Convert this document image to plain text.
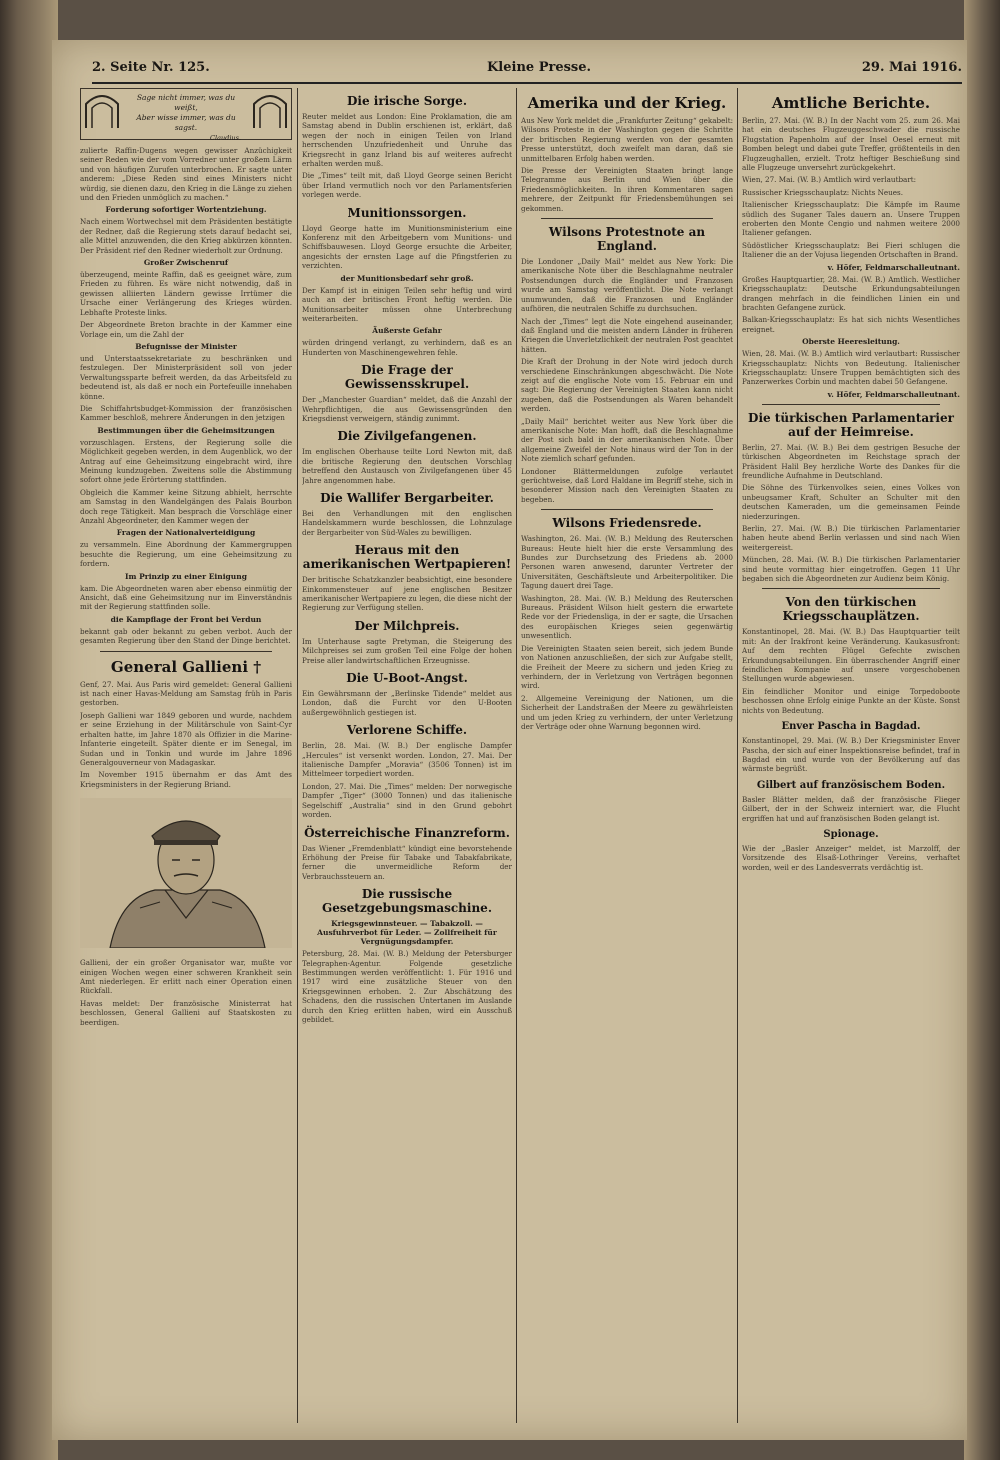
2. Seite Nr. 125.	Kleine Presse.	29. Mai 1916.

Sage nicht immer, was du weißt,

Aber wisse immer, was du sagst.

Claudius.

zulierte Raffin-Dugens wegen gewisser Anzüchigkeit seiner Reden wie der vom Vorredner unter großem Lärm und von häufigen Zurufen unterbrochen. Er sagte unter anderem: „Diese Reden sind eines Ministers nicht würdig, sie dienen dazu, den Krieg in die Länge zu ziehen und den Frieden unmöglich zu machen.“

Forderung sofortiger Wortentziehung.

Nach einem Wortwechsel mit dem Präsidenten bestätigte der Redner, daß die Regierung stets darauf bedacht sei, alle Mittel anzuwenden, die den Krieg abkürzen könnten. Der Präsident rief den Redner wiederholt zur Ordnung.

Großer Zwischenruf

überzeugend, meinte Raffin, daß es geeignet wäre, zum Frieden zu führen. Es wäre nicht notwendig, daß in gewissen alliierten Ländern gewisse Irrtümer die Ursache einer Verlängerung des Krieges würden. Lebhafte Proteste links.

Der Abgeordnete Breton brachte in der Kammer eine Vorlage ein, um die Zahl der

Befugnisse der Minister

und Unterstaatssekretariate zu beschränken und festzulegen. Der Ministerpräsident soll von jeder Verwaltungssparte befreit werden, da das Arbeitsfeld zu bedeutend ist, als daß er noch ein Portefeuille innehaben könne.

Die Schiffahrtsbudget-Kommission der französischen Kammer beschloß, mehrere Änderungen in den jetzigen

Bestimmungen über die Geheimsitzungen

vorzuschlagen. Erstens, der Regierung solle die Möglichkeit gegeben werden, in dem Augenblick, wo der Antrag auf eine Geheimsitzung eingebracht wird, ihre Meinung kundzugeben. Zweitens solle die Abstimmung sofort ohne jede Erörterung stattfinden.

Obgleich die Kammer keine Sitzung abhielt, herrschte am Samstag in den Wandelgängen des Palais Bourbon doch rege Tätigkeit. Man besprach die Vorschläge einer Anzahl Abgeordneter, den Kammer wegen der

Fragen der Nationalverteidigung

zu versammeln. Eine Abordnung der Kammergruppen besuchte die Regierung, um eine Geheimsitzung zu fordern.

Im Prinzip zu einer Einigung

kam. Die Abgeordneten waren aber ebenso einmütig der Ansicht, daß eine Geheimsitzung nur im Einverständnis mit der Regierung stattfinden solle.

die Kampflage der Front bei Verdun

bekannt gab oder bekannt zu geben verbot. Auch der gesamten Regierung über den Stand der Dinge berichtet.

General Gallieni †

Genf, 27. Mai. Aus Paris wird gemeldet: General Gallieni ist nach einer Havas-Meldung am Samstag früh in Paris gestorben.

Joseph Gallieni war 1849 geboren und wurde, nachdem er seine Erziehung in der Militärschule von Saint-Cyr erhalten hatte, im Jahre 1870 als Offizier in die Marine-Infanterie eingeteilt. Später diente er im Senegal, im Sudan und in Tonkin und wurde im Jahre 1896 Generalgouverneur von Madagaskar.

Im November 1915 übernahm er das Amt des Kriegsministers in der Regierung Briand.

Gallieni, der ein großer Organisator war, mußte vor einigen Wochen wegen einer schweren Krankheit sein Amt niederlegen. Er erlitt nach einer Operation einen Rückfall.

Havas meldet: Der französische Ministerrat hat beschlossen, General Gallieni auf Staatskosten zu beerdigen.

Die irische Sorge.

Reuter meldet aus London: Eine Proklamation, die am Samstag abend in Dublin erschienen ist, erklärt, daß wegen der noch in einigen Teilen von Irland herrschenden Unzufriedenheit und Unruhe das Kriegsrecht in ganz Irland bis auf weiteres aufrecht erhalten werden muß.

Die „Times“ teilt mit, daß Lloyd George seinen Bericht über Irland vermutlich noch vor den Parlamentsferien vorlegen werde.

Munitionssorgen.

Lloyd George hatte im Munitionsministerium eine Konferenz mit den Arbeitgebern vom Munitions- und Schiffsbauwesen. Lloyd George ersuchte die Arbeiter, angesichts der ernsten Lage auf die Pfingstferien zu verzichten.

der Munitionsbedarf sehr groß.

Der Kampf ist in einigen Teilen sehr heftig und wird auch an der britischen Front heftig werden. Die Munitionsarbeiter müssen ohne Unterbrechung weiterarbeiten.

Äußerste Gefahr

würden dringend verlangt, zu verhindern, daß es an Hunderten von Maschinengewehren fehle.

Die Frage der Gewissensskrupel.

Der „Manchester Guardian“ meldet, daß die Anzahl der Wehrpflichtigen, die aus Gewissensgründen den Kriegsdienst verweigern, ständig zunimmt.

Die Zivilgefangenen.

Im englischen Oberhause teilte Lord Newton mit, daß die britische Regierung den deutschen Vorschlag betreffend den Austausch von Zivilgefangenen über 45 Jahre angenommen habe.

Die Wallifer Bergarbeiter.

Bei den Verhandlungen mit den englischen Handelskammern wurde beschlossen, die Lohnzulage der Bergarbeiter von Süd-Wales zu bewilligen.

Heraus mit den amerikanischen Wertpapieren!

Der britische Schatzkanzler beabsichtigt, eine besondere Einkommensteuer auf jene englischen Besitzer amerikanischer Wertpapiere zu legen, die diese nicht der Regierung zur Verfügung stellen.

Der Milchpreis.

Im Unterhause sagte Pretyman, die Steigerung des Milchpreises sei zum großen Teil eine Folge der hohen Preise aller landwirtschaftlichen Erzeugnisse.

Die U-Boot-Angst.

Ein Gewährsmann der „Berlinske Tidende“ meldet aus London, daß die Furcht vor den U-Booten außergewöhnlich gestiegen ist.

Verlorene Schiffe.

Berlin, 28. Mai. (W. B.) Der englische Dampfer „Hercules“ ist versenkt worden. London, 27. Mai. Der italienische Dampfer „Moravia“ (3506 Tonnen) ist im Mittelmeer torpediert worden.

London, 27. Mai. Die „Times“ melden: Der norwegische Dampfer „Tiger“ (3000 Tonnen) und das italienische Segelschiff „Australia“ sind in den Grund gebohrt worden.

Österreichische Finanzreform.

Das Wiener „Fremdenblatt“ kündigt eine bevorstehende Erhöhung der Preise für Tabake und Tabakfabrikate, ferner die unvermeidliche Reform der Verbrauchssteuern an.

Die russische Gesetzgebungsmaschine.
Kriegsgewinnsteuer. — Tabakzoll. — Ausfuhrverbot für Leder. — Zollfreiheit für Vergnügungsdampfer.

Petersburg, 28. Mai. (W. B.) Meldung der Petersburger Telegraphen-Agentur. Folgende gesetzliche Bestimmungen werden veröffentlicht: 1. Für 1916 und 1917 wird eine zusätzliche Steuer von den Kriegsgewinnen erhoben. 2. Zur Abschätzung des Schadens, den die russischen Untertanen im Auslande durch den Krieg erlitten haben, wird ein Ausschuß gebildet.

Amerika und der Krieg.

Aus New York meldet die „Frankfurter Zeitung“ gekabelt: Wilsons Proteste in der Washington gegen die Schritte der britischen Regierung werden von der gesamten Presse unterstützt, doch zweifelt man daran, daß sie unmittelbaren Erfolg haben werden.

Die Presse der Vereinigten Staaten bringt lange Telegramme aus Berlin und Wien über die Friedensmöglichkeiten. In ihren Kommentaren sagen mehrere, der Zeitpunkt für Friedensbemühungen sei gekommen.

Wilsons Protestnote an England.

Die Londoner „Daily Mail“ meldet aus New York: Die amerikanische Note über die Beschlagnahme neutraler Postsendungen durch die Engländer und Franzosen wurde am Samstag veröffentlicht. Die Note verlangt unumwunden, daß die Franzosen und Engländer aufhören, die neutralen Schiffe zu durchsuchen.

Nach der „Times“ legt die Note eingehend auseinander, daß England und die meisten andern Länder in früheren Kriegen die Unverletzlichkeit der neutralen Post geachtet hätten.

Die Kraft der Drohung in der Note wird jedoch durch verschiedene Einschränkungen abgeschwächt. Die Note zeigt auf die englische Note vom 15. Februar ein und sagt: Die Regierung der Vereinigten Staaten kann nicht zugeben, daß die Postsendungen als Waren behandelt werden.

„Daily Mail“ berichtet weiter aus New York über die amerikanische Note: Man hofft, daß die Beschlagnahme der Post sich bald in der amerikanischen Note. Über allgemeine Zweifel der Note hinaus wird der Ton in der Note ziemlich scharf gefunden.

Londoner Blättermeldungen zufolge verlautet gerüchtweise, daß Lord Haldane im Begriff stehe, sich in besonderer Mission nach den Vereinigten Staaten zu begeben.

Wilsons Friedensrede.

Washington, 26. Mai. (W. B.) Meldung des Reuterschen Bureaus: Heute hielt hier die erste Versammlung des Bundes zur Durchsetzung des Friedens ab. 2000 Personen waren anwesend, darunter Vertreter der Universitäten, Geschäftsleute und Arbeiterpolitiker. Die Tagung dauert drei Tage.

Washington, 28. Mai. (W. B.) Meldung des Reuterschen Bureaus. Präsident Wilson hielt gestern die erwartete Rede vor der Friedensliga, in der er sagte, die Ursachen des europäischen Krieges seien gegenwärtig unwesentlich.

Die Vereinigten Staaten seien bereit, sich jedem Bunde von Nationen anzuschließen, der sich zur Aufgabe stellt, die Freiheit der Meere zu sichern und jeden Krieg zu verhindern, der in Verletzung von Verträgen begonnen wird.

2. Allgemeine Vereinigung der Nationen, um die Sicherheit der Landstraßen der Meere zu gewährleisten und um jeden Krieg zu verhindern, der unter Verletzung der Verträge oder ohne Warnung begonnen wird.

Amtliche Berichte.

Berlin, 27. Mai. (W. B.) In der Nacht vom 25. zum 26. Mai hat ein deutsches Flugzeuggeschwader die russische Flugstation Papenholm auf der Insel Oesel erneut mit Bomben belegt und dabei gute Treffer, größtenteils in den Flugzeughallen, erzielt. Trotz heftiger Beschießung sind alle Flugzeuge unversehrt zurückgekehrt.

Wien, 27. Mai. (W. B.) Amtlich wird verlautbart:

Russischer Kriegsschauplatz: Nichts Neues.

Italienischer Kriegsschauplatz: Die Kämpfe im Raume südlich des Suganer Tales dauern an. Unsere Truppen eroberten den Monte Cengio und nahmen weitere 2000 Italiener gefangen.

Südöstlicher Kriegsschauplatz: Bei Fieri schlugen die Italiener die an der Vojusa liegenden Ortschaften in Brand.

v. Höfer, Feldmarschalleutnant.

Großes Hauptquartier, 28. Mai. (W. B.) Amtlich. Westlicher Kriegsschauplatz: Deutsche Erkundungsabteilungen drangen mehrfach in die feindlichen Linien ein und brachten Gefangene zurück.

Balkan-Kriegsschauplatz: Es hat sich nichts Wesentliches ereignet.

Oberste Heeresleitung.

Wien, 28. Mai. (W. B.) Amtlich wird verlautbart: Russischer Kriegsschauplatz: Nichts von Bedeutung. Italienischer Kriegsschauplatz: Unsere Truppen bemächtigten sich des Panzerwerkes Corbin und machten dabei 50 Gefangene.

v. Höfer, Feldmarschalleutnant.
Die türkischen Parlamentarier auf der Heimreise.

Berlin, 27. Mai. (W. B.) Bei dem gestrigen Besuche der türkischen Abgeordneten im Reichstage sprach der Präsident Halil Bey herzliche Worte des Dankes für die freundliche Aufnahme in Deutschland.

Die Söhne des Türkenvolkes seien, eines Volkes von unbeugsamer Kraft, Schulter an Schulter mit den deutschen Kameraden, um die gemeinsamen Feinde niederzuringen.

Berlin, 27. Mai. (W. B.) Die türkischen Parlamentarier haben heute abend Berlin verlassen und sind nach Wien weitergereist.

München, 28. Mai. (W. B.) Die türkischen Parlamentarier sind heute vormittag hier eingetroffen. Gegen 11 Uhr begaben sich die Abgeordneten zur Audienz beim König.

Von den türkischen Kriegsschauplätzen.

Konstantinopel, 28. Mai. (W. B.) Das Hauptquartier teilt mit: An der Irakfront keine Veränderung. Kaukasusfront: Auf dem rechten Flügel Gefechte zwischen Erkundungsabteilungen. Ein überraschender Angriff einer feindlichen Kompanie auf unsere vorgeschobenen Stellungen wurde abgewiesen.

Ein feindlicher Monitor und einige Torpedoboote beschossen ohne Erfolg einige Punkte an der Küste. Sonst nichts von Bedeutung.

Enver Pascha in Bagdad.

Konstantinopel, 29. Mai. (W. B.) Der Kriegsminister Enver Pascha, der sich auf einer Inspektionsreise befindet, traf in Bagdad ein und wurde von der Bevölkerung auf das wärmste begrüßt.

Gilbert auf französischem Boden.

Basler Blätter melden, daß der französische Flieger Gilbert, der in der Schweiz interniert war, die Flucht ergriffen hat und auf französischen Boden gelangt ist.

Spionage.

Wie der „Basler Anzeiger“ meldet, ist Marzolff, der Vorsitzende des Elsaß-Lothringer Vereins, verhaftet worden, weil er des Landesverrats verdächtig ist.
